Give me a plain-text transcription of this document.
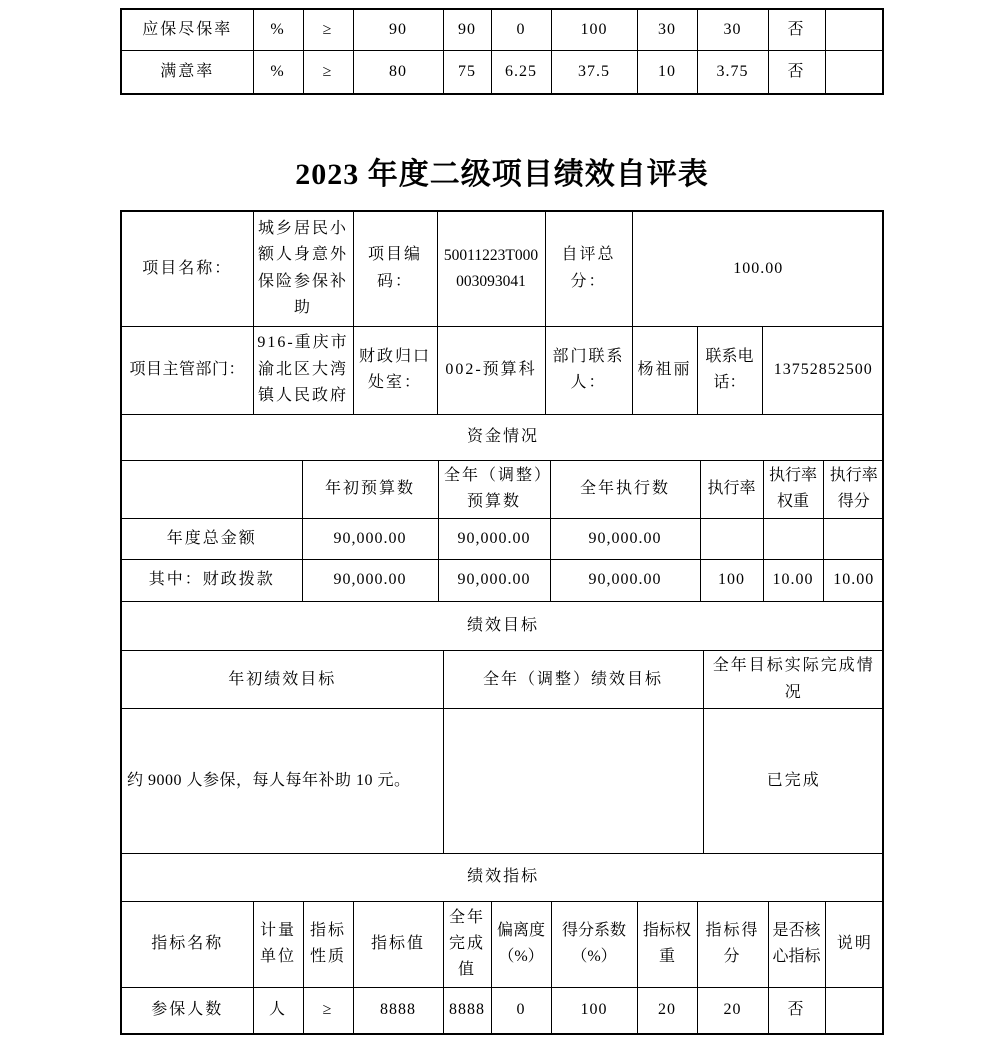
应保尽保率	%	≥	90	90	0	100	30	30	否	
满意率	%	≥	80	75	6.25	37.5	10	3.75	否	
2023 年度二级项目绩效自评表
项目名称：	城乡居民小额人身意外保险参保补助	项目编码：	50011223T000003093041	自评总分：	100.00		
项目主管部门：	916-重庆市渝北区大湾镇人民政府	财政归口处室：	002-预算科	部门联系人：	杨祖丽	联系电话：	13752852500
资金情况						
	年初预算数	全年（调整）预算数	全年执行数	执行率	执行率权重	执行率得分
年度总金额	90,000.00	90,000.00	90,000.00			
其中：财政拨款	90,000.00	90,000.00	90,000.00	100	10.00	10.00
绩效目标		
年初绩效目标	全年（调整）绩效目标	全年目标实际完成情况
约 9000 人参保，每人每年补助 10 元。		已完成
绩效指标										
指标名称	计量单位	指标性质	指标值	全年完成值	偏离度（%）	得分系数（%）	指标权重	指标得分	是否核心指标	说明
参保人数	人	≥	8888	8888	0	100	20	20	否	
